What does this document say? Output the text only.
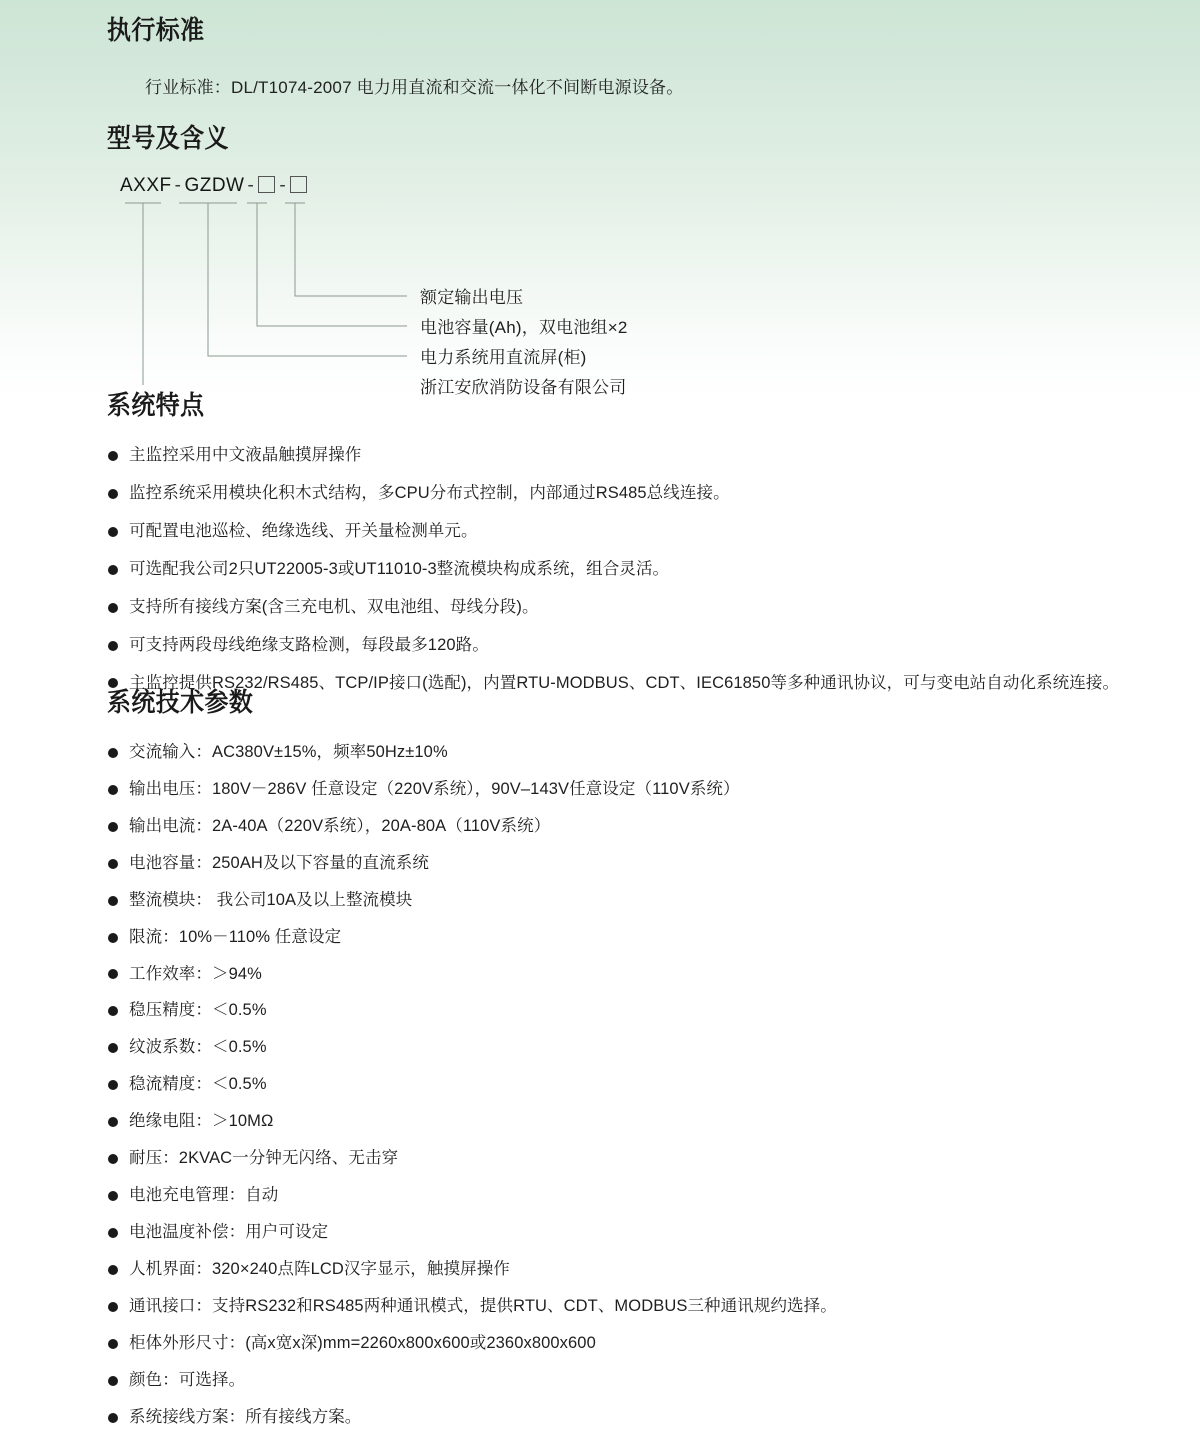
执行标准
行业标准：DL/T1074-2007 电力用直流和交流一体化不间断电源设备。
型号及含义
AXXF - GZDW - -
额定输出电压
电池容量(Ah)，双电池组×2
电力系统用直流屏(柜)
浙江安欣消防设备有限公司
系统特点
主监控采用中文液晶触摸屏操作
监控系统采用模块化积木式结构，多CPU分布式控制，内部通过RS485总线连接。
可配置电池巡检、绝缘选线、开关量检测单元。
可选配我公司2只UT22005-3或UT11010-3整流模块构成系统，组合灵活。
支持所有接线方案(含三充电机、双电池组、母线分段)。
可支持两段母线绝缘支路检测，每段最多120路。
主监控提供RS232/RS485、TCP/IP接口(选配)，内置RTU-MODBUS、CDT、IEC61850等多种通讯协议，可与变电站自动化系统连接。
系统技术参数
交流输入：AC380V±15%，频率50Hz±10%
输出电压：180V－286V 任意设定（220V系统），90V–143V任意设定（110V系统）
输出电流：2A-40A（220V系统），20A-80A（110V系统）
电池容量：250AH及以下容量的直流系统
整流模块： 我公司10A及以上整流模块
限流：10%－110% 任意设定
工作效率：＞94%
稳压精度：＜0.5%
纹波系数：＜0.5%
稳流精度：＜0.5%
绝缘电阻：＞10MΩ
耐压：2KVAC一分钟无闪络、无击穿
电池充电管理：自动
电池温度补偿：用户可设定
人机界面：320×240点阵LCD汉字显示，触摸屏操作
通讯接口：支持RS232和RS485两种通讯模式，提供RTU、CDT、MODBUS三种通讯规约选择。
柜体外形尺寸：(高x宽x深)mm=2260x800x600或2360x800x600
颜色：可选择。
系统接线方案：所有接线方案。
